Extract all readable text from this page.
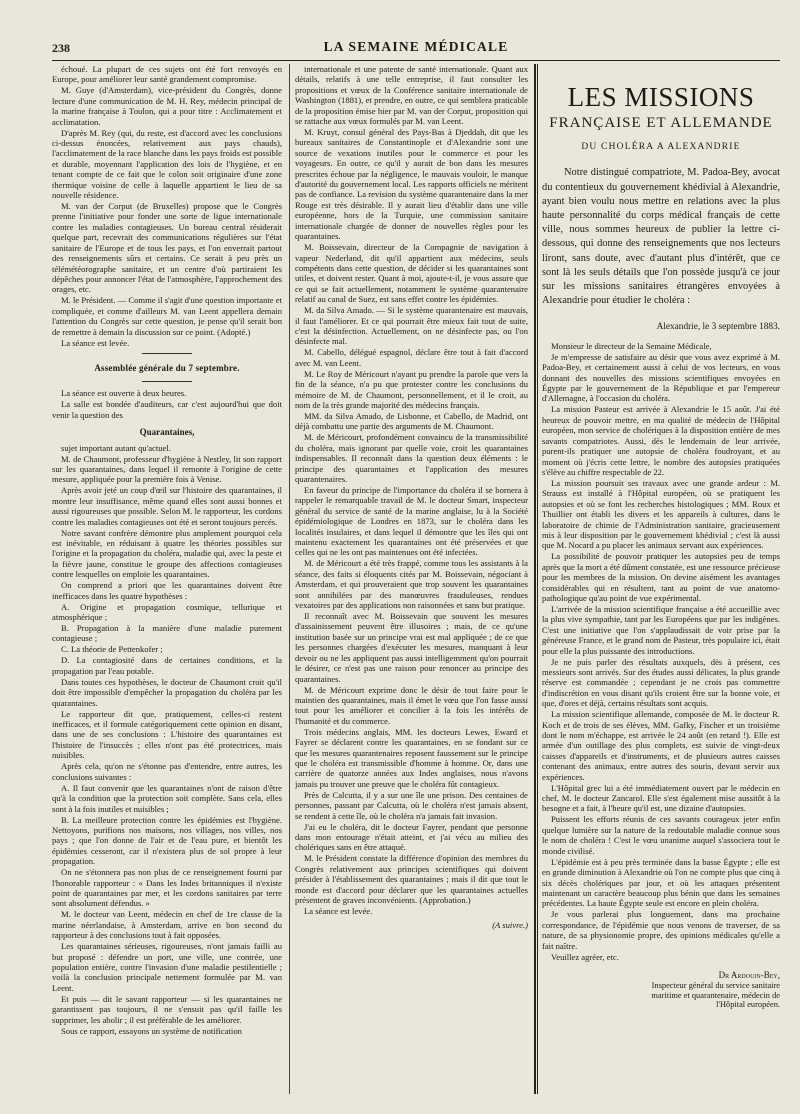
238	LA SEMAINE MÉDICALE

échoué. La plupart de ces sujets ont été fort renvoyés en Europe, pour améliorer leur santé grandement compromise.

M. Guye (d'Amsterdam), vice-président du Congrès, donne lecture d'une communication de M. H. Rey, médecin principal de la marine française à Toulon, qui a pour titre : Acclimatement et acclimatation.

D'après M. Rey (qui, du reste, est d'accord avec les conclusions ci-dessus énoncées, relativement aux pays chauds), l'acclimatement de la race blanche dans les pays froids est possible et durable, moyennant l'application des lois de l'hygiène, et en tenant compte de ce fait que le colon soit originaire d'une zone thermique voisine de celle à laquelle appartient le lieu de sa nouvelle résidence.

M. van der Corput (de Bruxelles) propose que le Congrès prenne l'initiative pour fonder une sorte de ligue internationale contre les maladies contagieuses. Un bureau central résiderait quelque part, recevrait des communications régulières sur l'état sanitaire de l'Europe et de tous les pays, et l'on enverrait partout des renseignements sûrs et certains. Ce serait à peu près un télémétéorographe sanitaire, et un centre d'où partiraient les dépêches pour annoncer l'état de l'atmosphère, l'approchement des orages, etc.

M. le Président. — Comme il s'agit d'une question importante et compliquée, et comme d'ailleurs M. van Leent appellera demain l'attention du Congrès sur cette question, je pense qu'il serait bon de remettre à demain la discussion sur ce point. (Adopté.)

La séance est levée.

Assemblée générale du 7 septembre.

La séance est ouverte à deux heures.

La salle est bondée d'auditeurs, car c'est aujourd'hui que doit venir la question des

Quarantaines,

sujet important autant qu'actuel.

M. de Chaumont, professeur d'hygiène à Nestley, lit son rapport sur les quarantaines, dans lequel il remonte à l'origine de cette mesure, appliquée pour la première fois à Venise.

Après avoir jeté un coup d'œil sur l'histoire des quarantaines, il montre leur insuffisance, même quand elles sont aussi bonnes et aussi rigoureuses que possible. Selon M. le rapporteur, les cordons contre les maladies contagieuses ont été et seront toujours percés.

Notre savant confrère démontre plus amplement pourquoi cela est inévitable, en réduisant à quatre les théories possibles sur l'origine et la propagation du choléra, maladie qui, avec la peste et la fièvre jaune, constitue le groupe des affections contagieuses contre lesquelles on emploie les quarantaines.

On comprend a priori que les quarantaines doivent être inefficaces dans les quatre hypothèses :

A. Origine et propagation cosmique, tellurique et atmosphérique ;

B. Propagation à la manière d'une maladie purement contagieuse ;

C. La théorie de Pettenkofer ;

D. La contagiosité dans de certaines conditions, et la propagation par l'eau potable.

Dans toutes ces hypothèses, le docteur de Chaumont croit qu'il doit être impossible d'empêcher la propagation du choléra par les quarantaines.

Le rapporteur dit que, pratiquement, celles-ci restent inefficaces, et il formule catégoriquement cette opinion en disant, dans une de ses conclusions : L'histoire des quarantaines est l'histoire de l'insuccès ; elles n'ont pas été protectrices, mais nuisibles.

Après cela, qu'on ne s'étonne pas d'entendre, entre autres, les conclusions suivantes :

A. Il faut convenir que les quarantaines n'ont de raison d'être qu'à la condition que la protection soit complète. Sans cela, elles sont à la fois inutiles et nuisibles ;

B. La meilleure protection contre les épidémies est l'hygiène. Nettoyons, purifions nos maisons, nos villages, nos villes, nos pays ; que l'on donne de l'air et de l'eau pure, et bientôt les épidémies cesseront, car il n'existera plus de sol propre à leur propagation.

On ne s'étonnera pas non plus de ce renseignement fourni par l'honorable rapporteur : « Dans les Indes britanniques il n'existe point de quarantaines par mer, et les cordons sanitaires par terre sont absolument défendus. »

M. le docteur van Leent, médecin en chef de 1re classe de la marine néerlandaise, à Amsterdam, arrive en bon second du rapporteur à des conclusions tout à fait opposées.

Les quarantaines sérieuses, rigoureuses, n'ont jamais failli au but proposé : défendre un port, une ville, une contrée, une population entière, contre l'invasion d'une maladie pestilentielle ; voilà la conclusion principale nettement formulée par M. van Leent.

Et puis — dit le savant rapporteur — si les quarantaines ne garantissent pas toujours, il ne s'ensuit pas qu'il faille les supprimer, les abolir ; il est préférable de les améliorer.

Sous ce rapport, essayons un système de notification

internationale et une patente de santé internationale. Quant aux détails, relatifs à une telle entreprise, il faut consulter les propositions et vœux de la Conférence sanitaire internationale de Washington (1881), et prendre, en outre, ce qui semblera praticable de la proposition émise hier par M. van der Corput, proposition qui se rattache aux vœux formulés par M. van Leent.

M. Kruyt, consul général des Pays-Bas à Djeddah, dit que les bureaux sanitaires de Constantinople et d'Alexandrie sont une source de vexations inutiles pour le commerce et pour les voyageurs. En outre, ce qu'il y aurait de bon dans les mesures prescrites échoue par la négligence, le mauvais vouloir, le manque d'autorité du gouvernement local. Les rapports officiels ne méritent pas de confiance. La revision du système quarantenaire dans la mer Rouge est très désirable. Il y aurait lieu d'établir dans une ville européenne, hors de la Turquie, une commission sanitaire internationale chargée de donner de nouvelles règles pour les quarantaines.

M. Boissevain, directeur de la Compagnie de navigation à vapeur Nederland, dit qu'il appartient aux médecins, seuls compétents dans cette question, de décider si les quarantaines sont utiles, et doivent rester. Quant à moi, ajoute-t-il, je vous assure que ce qui se fait actuellement, notamment le système quarantenaire relatif au canal de Suez, est sans effet contre les épidémies.

M. da Silva Amado. — Si le système quarantenaire est mauvais, il faut l'améliorer. Et ce qui pourrait être mieux fait tout de suite, c'est la désinfection. Actuellement, on ne désinfecte pas, ou l'on désinfecte mal.

M. Cabello, délégué espagnol, déclare être tout à fait d'accord avec M. van Leent.

M. Le Roy de Méricourt n'ayant pu prendre la parole que vers la fin de la séance, n'a pu que protester contre les conclusions du mémoire de M. de Chaumont, personnellement, et il le croit, au nom de la très grande majorité des médecins français.

MM. da Silva Amado, de Lisbonne, et Cabello, de Madrid, ont déjà combattu une partie des arguments de M. Chaumont.

M. de Méricourt, profondément convaincu de la transmissibilité du choléra, mais ignorant par quelle voie, croit les quarantaines indispensables. Il reconnaît dans la question deux éléments : le principe des quarantaines et l'application des mesures quarantenaires.

En faveur du principe de l'importance du choléra il se bornera à rappeler le remarquable travail de M. le docteur Smart, inspecteur général du service de santé de la marine anglaise, lu à la Société épidémiologique de Londres en 1873, sur le choléra dans les localités insulaires, et dans lequel il démontre que les îles qui ont maintenu exactement les quarantaines ont été préservées et que celles qui ne les ont pas maintenues ont été infectées.

M. de Méricourt a été très frappé, comme tous les assistants à la séance, des faits si éloquents cités par M. Boissevain, négociant à Amsterdam, et qui prouveraient que trop souvent les quarantaines sont annihilées par des manœuvres frauduleuses, rendues vexatoires par des applications non raisonnées et sans but pratique.

Il reconnaît avec M. Boissevain que souvent les mesures d'assainissement peuvent être illusoires ; mais, de ce qu'une institution basée sur un principe vrai est mal appliquée ; de ce que les personnes chargées d'exécuter les mesures, manquant à leur devoir ou ne les appliquent pas aussi intelligemment qu'on pourrait le désirer, ce n'est pas une raison pour renoncer au principe des quarantaines.

M. de Méricourt exprime donc le désir de tout faire pour le maintien des quarantaines, mais il émet le vœu que l'on fasse aussi tout pour les améliorer et concilier à la fois les intérêts de l'humanité et du commerce.

Trois médecins anglais, MM. les docteurs Lewes, Eward et Fayrer se déclarent contre les quarantaines, en se fondant sur ce que les mesures quarantenaires reposent faussement sur le principe que le choléra est transmissible d'homme à homme. Or, dans une carrière de quatorze années aux Indes anglaises, nous n'avons jamais pu trouver une preuve que le choléra fût contagieux.

Près de Calcutta, il y a sur une île une prison. Des centaines de personnes, passant par Calcutta, où le choléra n'est jamais absent, se rendent à cette île, où le choléra n'a jamais fait invasion.

J'ai eu le choléra, dit le docteur Fayrer, pendant que personne dans mon entourage n'était atteint, et j'ai vécu au milieu des cholériques sans en être attaqué.

M. le Président constate la différence d'opinion des membres du Congrès relativement aux principes scientifiques qui doivent présider à l'établissement des quarantaines ; mais il dit que tout le monde est d'accord pour déclarer que les quarantaines actuelles présentent de graves inconvénients. (Approbation.)

La séance est levée.

(A suivre.)
LES MISSIONS
FRANÇAISE ET ALLEMANDE
DU CHOLÉRA A ALEXANDRIE

Notre distingué compatriote, M. Padoa-Bey, avocat du contentieux du gouvernement khédivial à Alexandrie, ayant bien voulu nous mettre en relations avec la plus haute personnalité du corps médical français de cette ville, nous sommes heureux de publier la lettre ci-dessous, qui donne des renseignements que nos lecteurs liront, sans doute, avec d'autant plus d'intérêt, que ce sont là les seuls détails que l'on possède jusqu'à ce jour sur les missions sanitaires étrangères envoyées à Alexandrie pour étudier le choléra :

Alexandrie, le 3 septembre 1883.

Monsieur le directeur de la Semaine Médicale,

Je m'empresse de satisfaire au désir que vous avez exprimé à M. Padoa-Bey, et certainement aussi à celui de vos lecteurs, en vous donnant des nouvelles des missions scientifiques envoyées en Égypte par le gouvernement de la République et par l'empereur d'Allemagne, à l'occasion du choléra.

La mission Pasteur est arrivée à Alexandrie le 15 août. J'ai été heureux de pouvoir mettre, en ma qualité de médecin de l'Hôpital européen, mon service de cholériques à la disposition entière de mes savants compatriotes. Aussi, dès le lendemain de leur arrivée, purent-ils pratiquer une autopsie de choléra foudroyant, et au moment où j'écris cette lettre, le nombre des autopsies pratiquées s'élève au chiffre respectable de 22.

La mission poursuit ses travaux avec une grande ardeur : M. Strauss est installé à l'Hôpital européen, où se pratiquent les autopsies et où se font les recherches histologiques ; MM. Roux et Thuillier ont établi les divers et les appareils à cultures, dans le laboratoire de chimie de l'Administration sanitaire, gracieusement mis à leur disposition par le gouvernement khédivial ; c'est là aussi que M. Nocard a pu placer les animaux servant aux expériences.

La possibilité de pouvoir pratiquer les autopsies peu de temps après que la mort a été dûment constatée, est une ressource précieuse pour les membres de la mission. On devine aisément les avantages considérables qui en résultent, tant au point de vue anatomo-pathologique qu'au point de vue expérimental.

L'arrivée de la mission scientifique française a été accueillie avec la plus vive sympathie, tant par les Européens que par les indigènes. C'est une initiative que l'on s'applaudissait de voir prise par la généreuse France, et le grand nom de Pasteur, très populaire ici, était pour elle la plus puissante des introductions.

Je ne puis parler des résultats auxquels, dès à présent, ces messieurs sont arrivés. Sur des études aussi délicates, la plus grande réserve est commandée ; cependant je ne crois pas commettre d'indiscrétion en vous disant qu'ils croient être sur la bonne voie, et que, d'ores et déjà, certains résultats sont acquis.

La mission scientifique allemande, composée de M. le docteur R. Koch et de trois de ses élèves, MM. Gafky, Fischer et un troisième dont le nom m'échappe, est arrivée le 24 août (en retard !). Elle est armée d'un outillage des plus complets, est suivie de vingt-deux caisses d'appareils et d'instruments, et de plusieurs autres caisses contenant des animaux, entre autres des souris, devant servir aux expériences.

L'Hôpital grec lui a été immédiatement ouvert par le médecin en chef, M. le docteur Zancarol. Elle s'est également mise aussitôt à la besogne et a fait, à l'heure qu'il est, une dizaine d'autopsies.

Puissent les efforts réunis de ces savants courageux jeter enfin quelque lumière sur la nature de la redoutable maladie connue sous le nom de choléra ! C'est le vœu unanime auquel s'associera tout le monde civilisé.

L'épidémie est à peu près terminée dans la basse Égypte ; elle est en grande diminution à Alexandrie où l'on ne compte plus que cinq à six décès cholériques par jour, et où les attaques présentent maintenant un caractère beaucoup plus bénin que dans les semaines précédentes. La haute Égypte seule est encore en plein choléra.

Je vous parlerai plus longuement, dans ma prochaine correspondance, de l'épidémie que nous venons de traverser, de sa nature, de sa physionomie propre, des opinions médicales qu'elle a fait naître.

Veuillez agréer, etc.

Dr Ardouin-Bey,

Inspecteur général du service sanitaire maritime et quarantenaire, médecin de l'Hôpital européen.
